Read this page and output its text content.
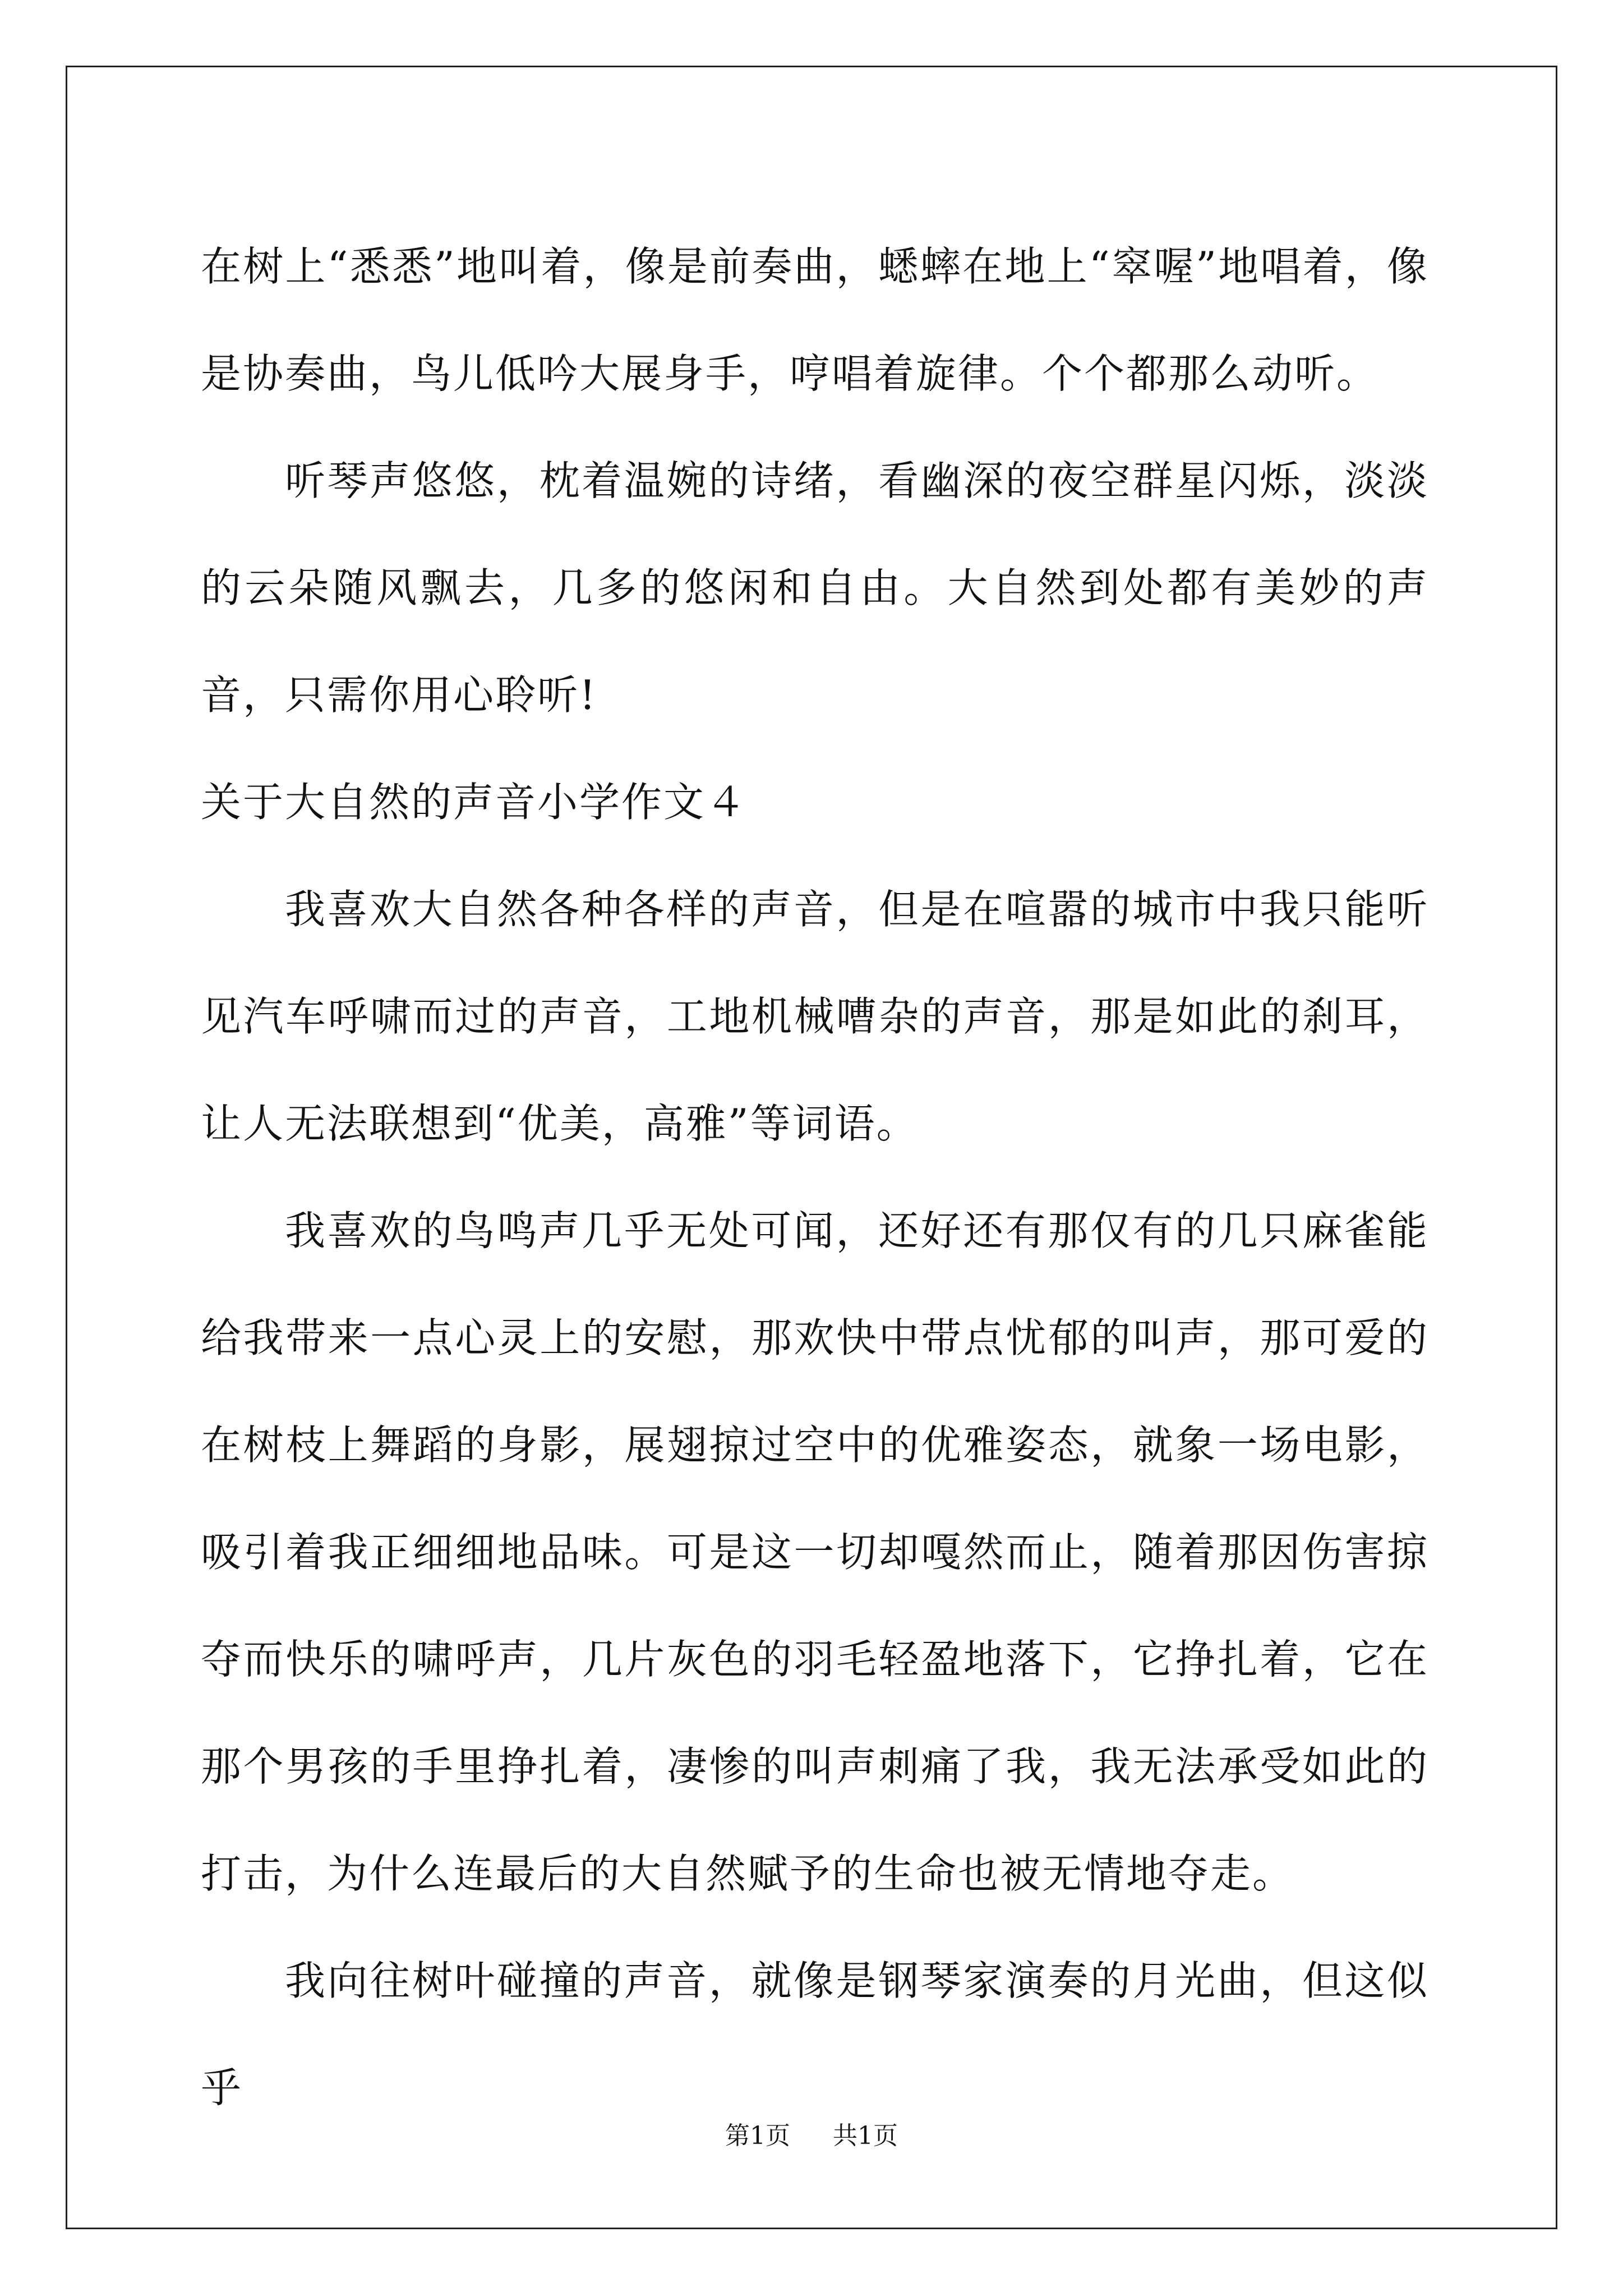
在树上“悉悉”地叫着，像是前奏曲，蟋蟀在地上“窣喔”地唱着，像是协奏曲，鸟儿低吟大展身手，哼唱着旋律。个个都那么动听。

听琴声悠悠，枕着温婉的诗绪，看幽深的夜空群星闪烁，淡淡的云朵随风飘去，几多的悠闲和自由。大自然到处都有美妙的声音，只需你用心聆听!

关于大自然的声音小学作文４

我喜欢大自然各种各样的声音，但是在喧嚣的城市中我只能听见汽车呼啸而过的声音，工地机械嘈杂的声音，那是如此的刹耳，让人无法联想到“优美，高雅”等词语。

我喜欢的鸟鸣声几乎无处可闻，还好还有那仅有的几只麻雀能给我带来一点心灵上的安慰，那欢快中带点忧郁的叫声，那可爱的在树枝上舞蹈的身影，展翅掠过空中的优雅姿态，就象一场电影，吸引着我正细细地品味。可是这一切却嘎然而止，随着那因伤害掠夺而快乐的啸呼声，几片灰色的羽毛轻盈地落下，它挣扎着，它在那个男孩的手里挣扎着，凄惨的叫声刺痛了我，我无法承受如此的打击，为什么连最后的大自然赋予的生命也被无情地夺走。

我向往树叶碰撞的声音，就像是钢琴家演奏的月光曲，但这似乎

第1页 共1页
